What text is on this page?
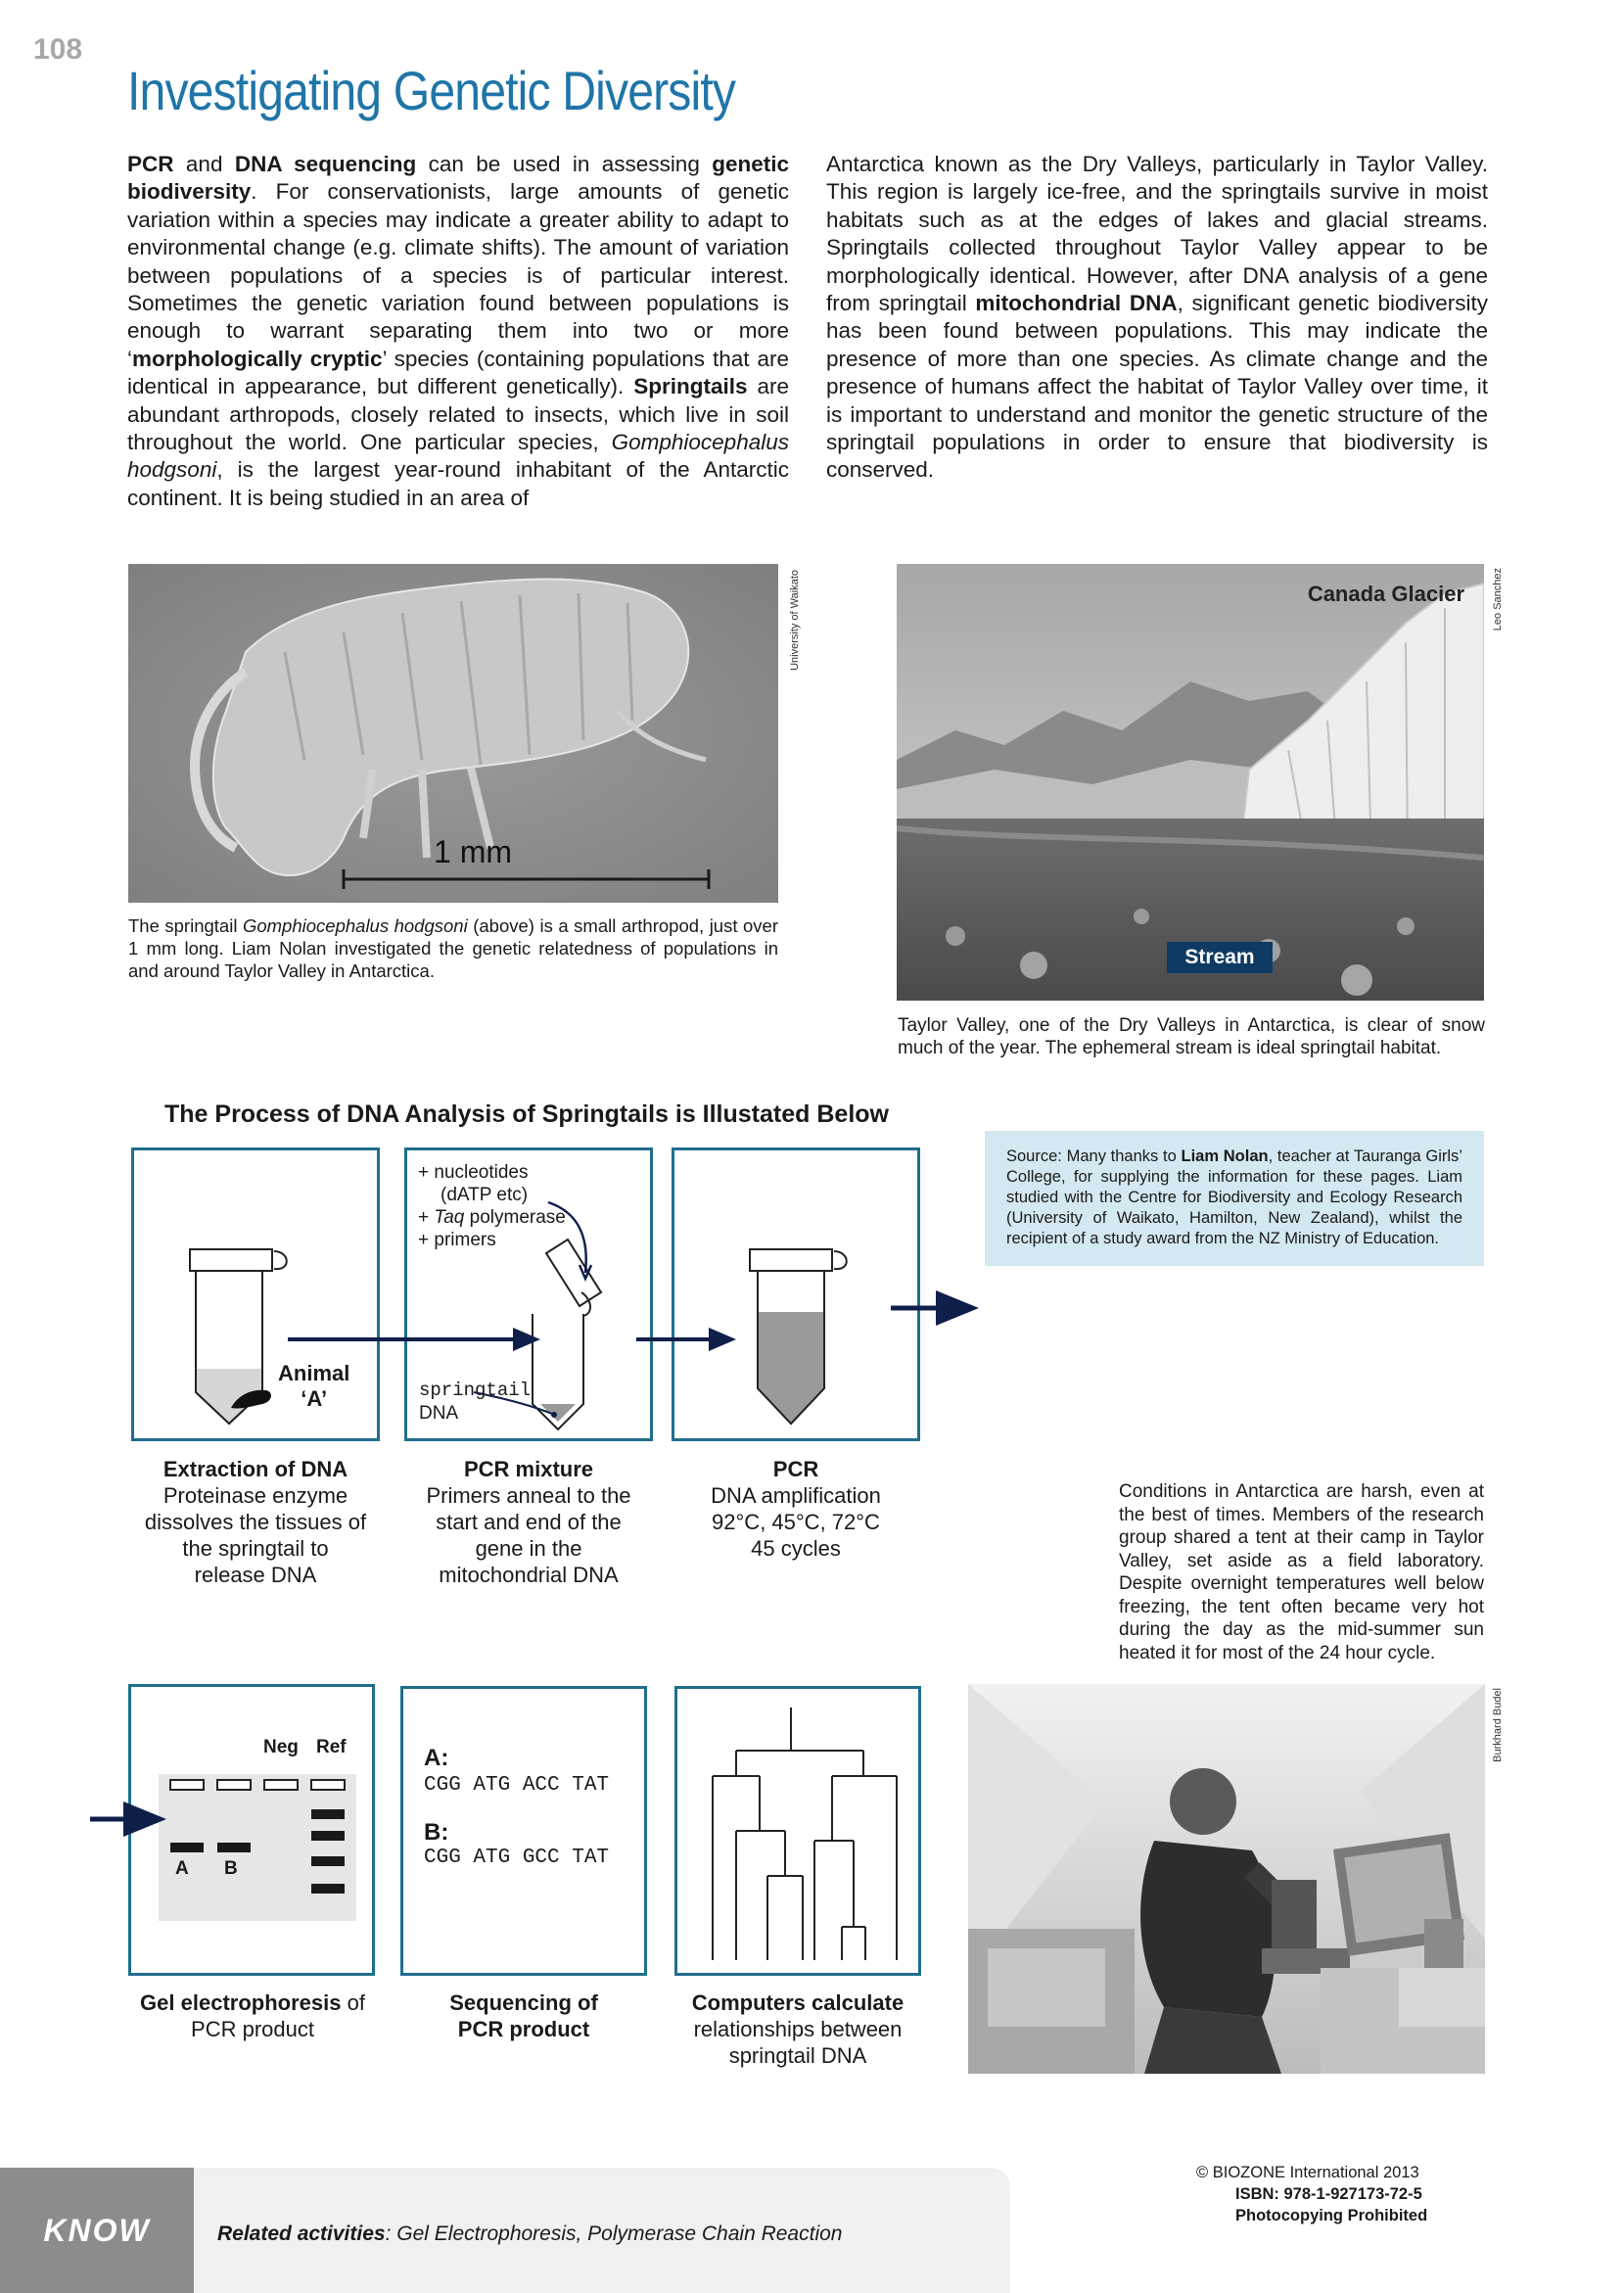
108
Investigating Genetic Diversity
PCR and DNA sequencing can be used in assessing genetic biodiversity. For conservationists, large amounts of genetic variation within a species may indicate a greater ability to adapt to environmental change (e.g. climate shifts). The amount of variation between populations of a species is of particular interest. Sometimes the genetic variation found between populations is enough to warrant separating them into two or more ‘morphologically cryptic’ species (containing populations that are identical in appearance, but different genetically). Springtails are abundant arthropods, closely related to insects, which live in soil throughout the world. One particular species, Gomphiocephalus hodgsoni, is the largest year-round inhabitant of the Antarctic continent. It is being studied in an area of
Antarctica known as the Dry Valleys, particularly in Taylor Valley. This region is largely ice-free, and the springtails survive in moist habitats such as at the edges of lakes and glacial streams. Springtails collected throughout Taylor Valley appear to be morphologically identical. However, after DNA analysis of a gene from springtail mitochondrial DNA, significant genetic biodiversity has been found between populations. This may indicate the presence of more than one species. As climate change and the presence of humans affect the habitat of Taylor Valley over time, it is important to understand and monitor the genetic structure of the springtail populations in order to ensure that biodiversity is conserved.
1 mm
University of Waikato
The springtail Gomphiocephalus hodgsoni (above) is a small arthropod, just over 1 mm long. Liam Nolan investigated the genetic relatedness of populations in and around Taylor Valley in Antarctica.
Canada Glacier
Stream
Leo Sanchez
Taylor Valley, one of the Dry Valleys in Antarctica, is clear of snow much of the year. The ephemeral stream is ideal springtail habitat.
The Process of DNA Analysis of Springtails is Illustated Below
Source: Many thanks to Liam Nolan, teacher at Tauranga Girls’ College, for supplying the information for these pages. Liam studied with the Centre for Biodiversity and Ecology Research (University of Waikato, Hamilton, New Zealand), whilst the recipient of a study award from the NZ Ministry of Education.
Animal
‘A’
+ nucleotides
(dATP etc)
+ Taq polymerase
+ primers
springtail
DNA
Extraction of DNA
Proteinase enzyme
dissolves the tissues of
the springtail to
release DNA
PCR mixture
Primers anneal to the
start and end of the
gene in the
mitochondrial DNA
PCR
DNA amplification
92°C, 45°C, 72°C
45 cycles
Conditions in Antarctica are harsh, even at the best of times. Members of the research group shared a tent at their camp in Taylor Valley, set aside as a field laboratory. Despite overnight temperatures well below freezing, the tent often became very hot during the day as the mid-summer sun heated it for most of the 24 hour cycle.
Neg Ref
A B
A:
CGG ATG ACC TAT
B:
CGG ATG GCC TAT
Gel electrophoresis of
PCR product
Sequencing of
PCR product
Computers calculate
relationships between
springtail DNA
Burkhard Budel
KNOW	Related activities: Gel Electrophoresis, Polymerase Chain Reaction
© BIOZONE International 2013
ISBN: 978-1-927173-72-5
Photocopying Prohibited
